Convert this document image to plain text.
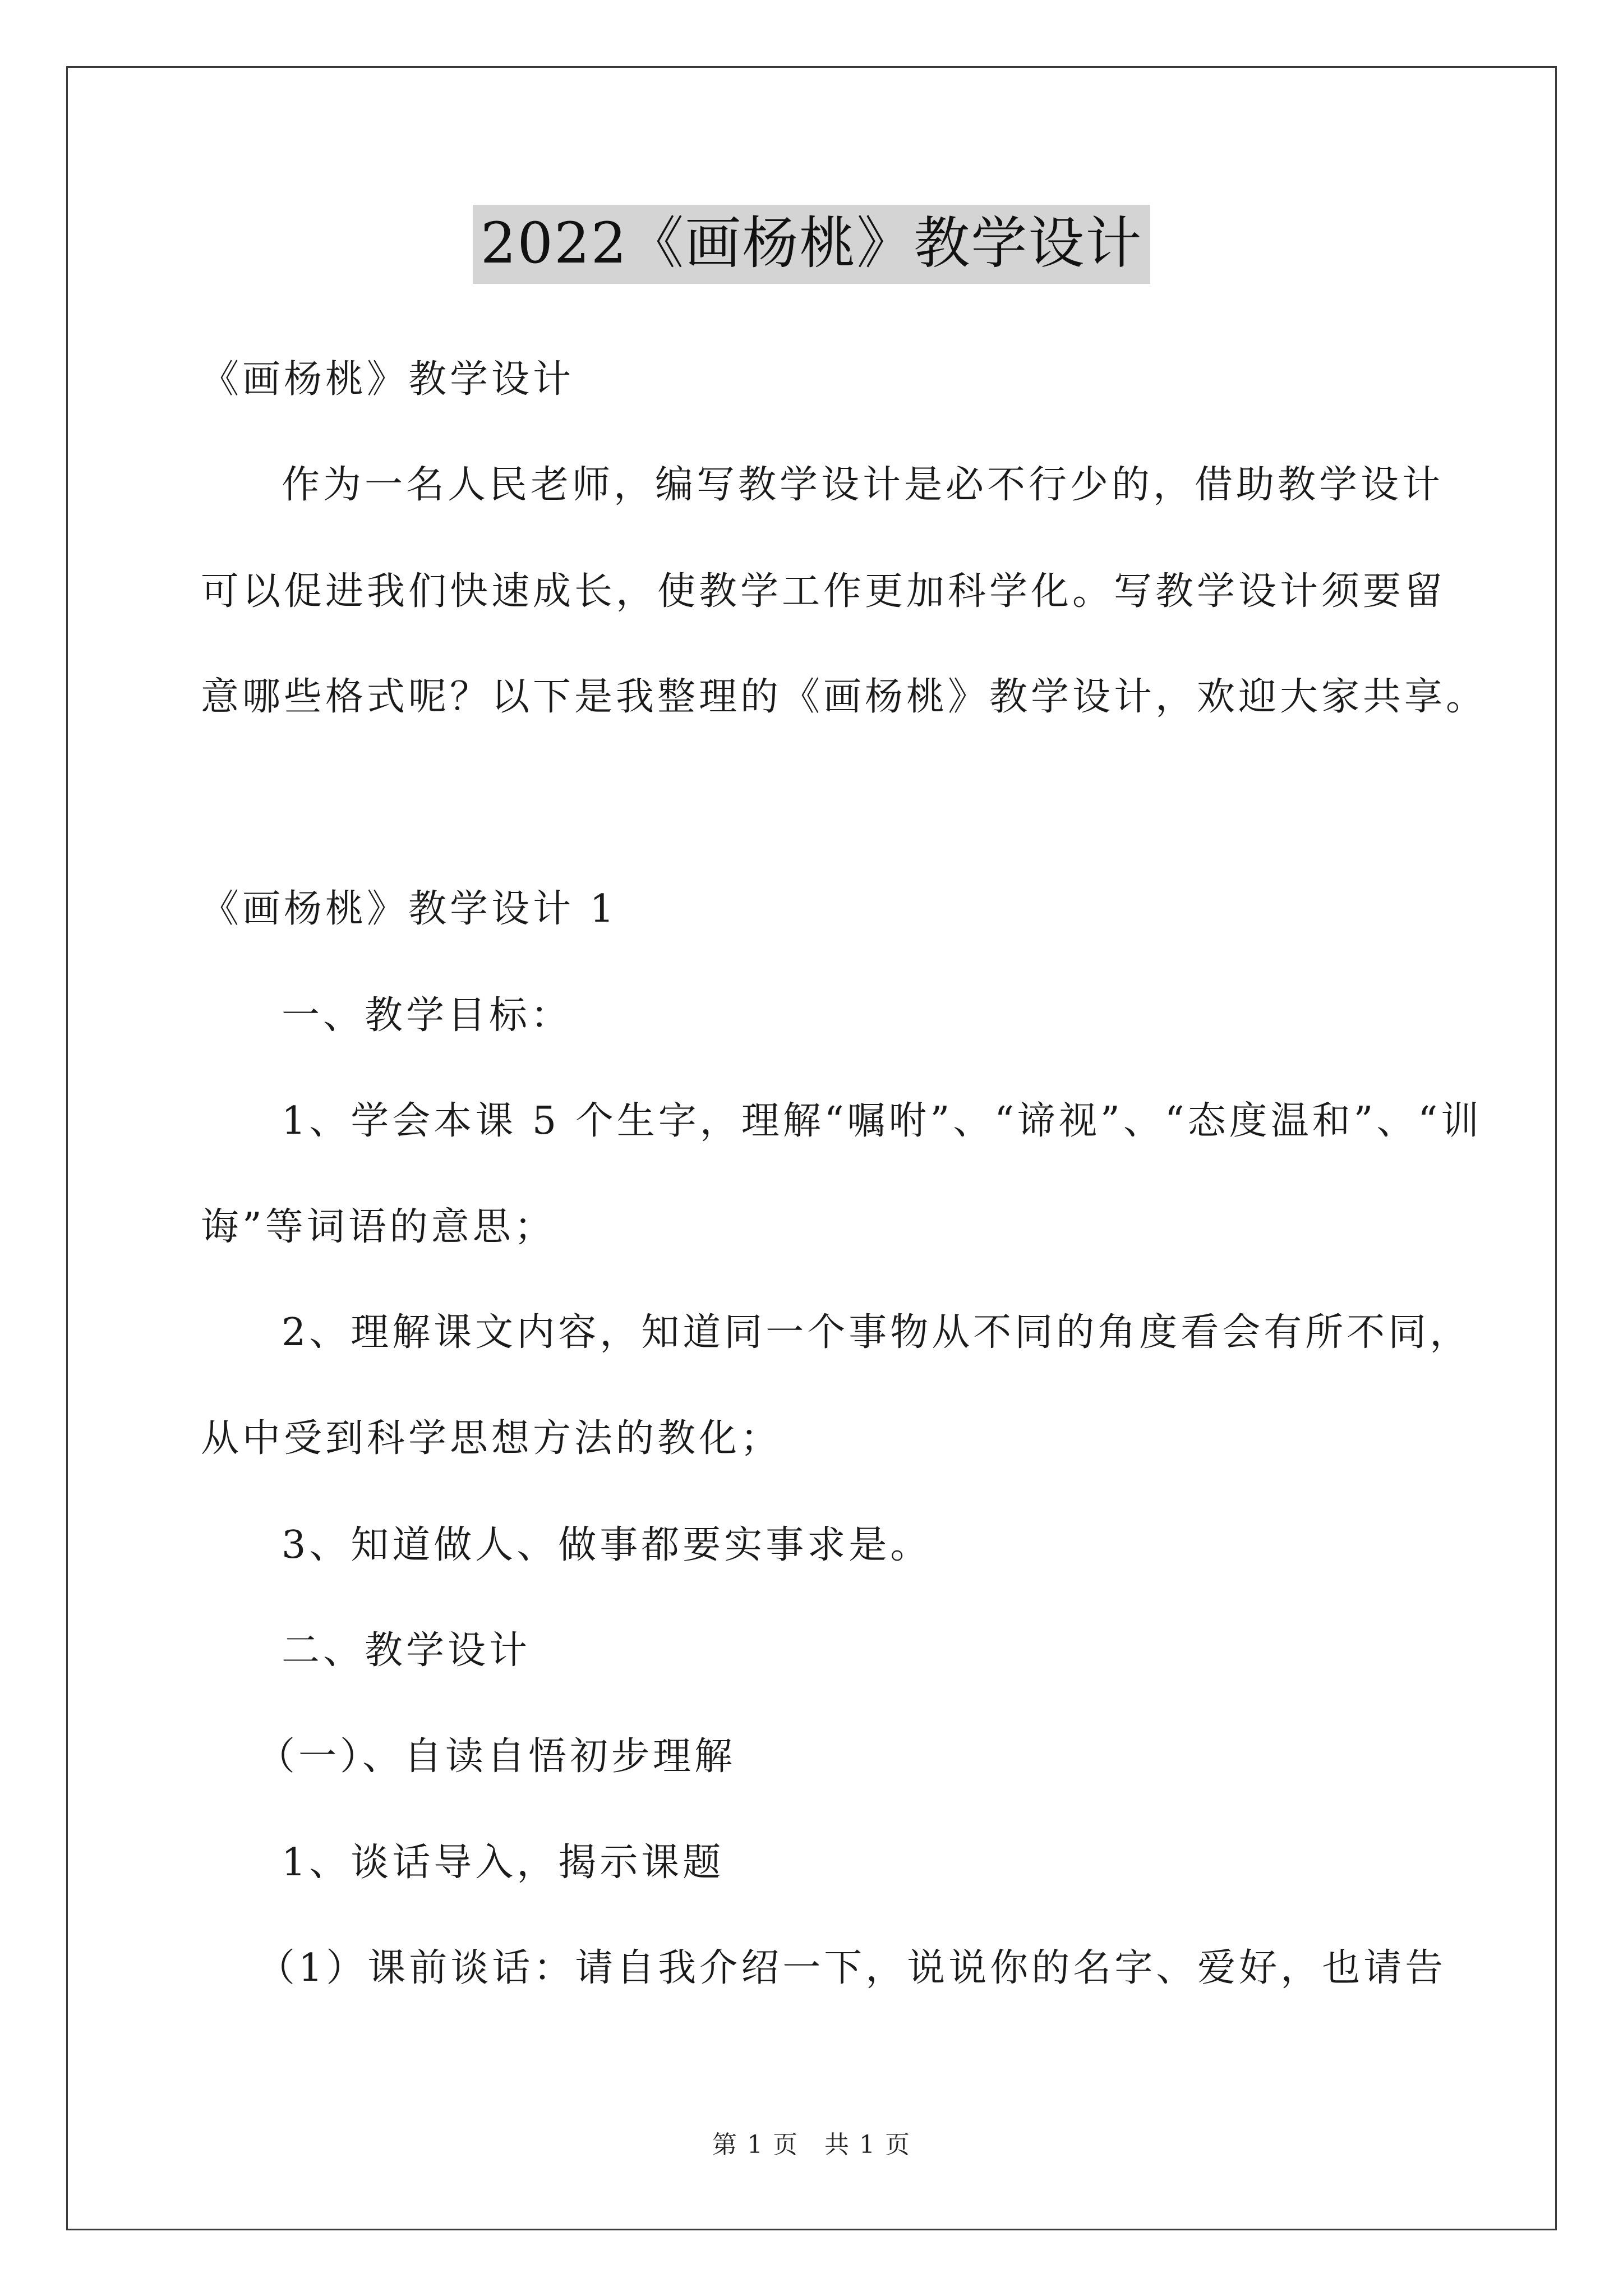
2022《画杨桃》教学设计
《画杨桃》教学设计
作为一名人民老师，编写教学设计是必不行少的，借助教学设计
可以促进我们快速成长，使教学工作更加科学化。写教学设计须要留
意哪些格式呢？以下是我整理的《画杨桃》教学设计，欢迎大家共享。
《画杨桃》教学设计 1
一、教学目标：
1、学会本课 5 个生字，理解“嘱咐”、“谛视”、“态度温和”、“训
诲”等词语的意思；
2、理解课文内容，知道同一个事物从不同的角度看会有所不同，
从中受到科学思想方法的教化；
3、知道做人、做事都要实事求是。
二、教学设计
（一）、自读自悟初步理解
1、谈话导入，揭示课题
（1）课前谈话：请自我介绍一下，说说你的名字、爱好，也请告
第 1 页　共 1 页
